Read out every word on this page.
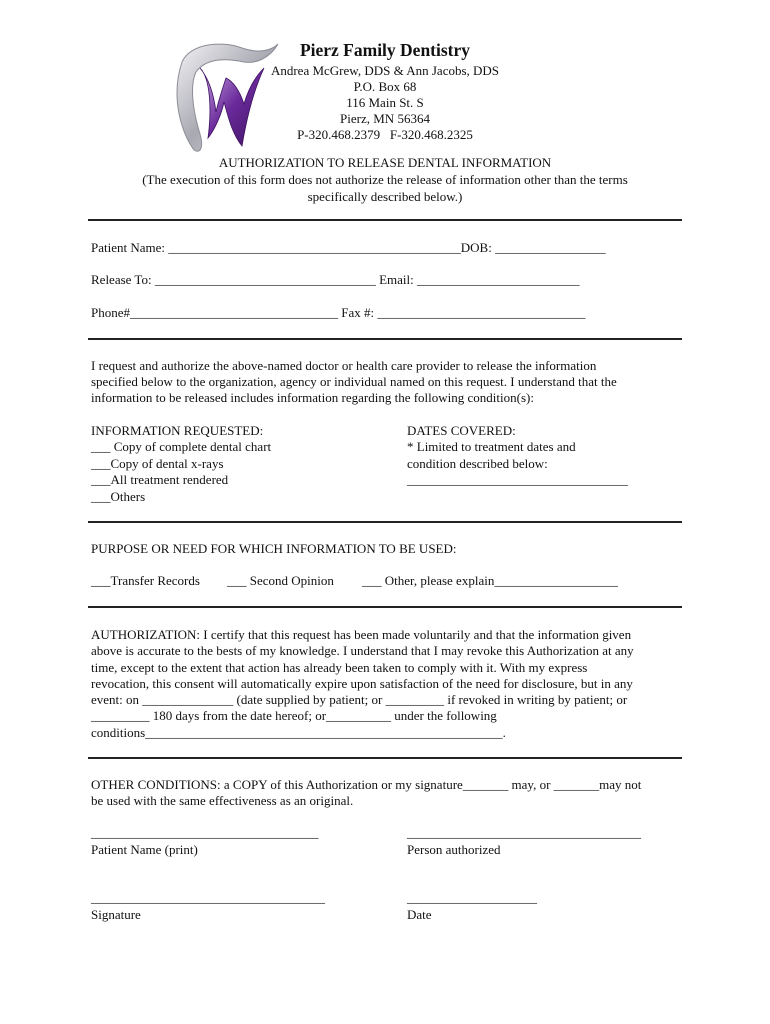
Pierz Family Dentistry
Andrea McGrew, DDS & Ann Jacobs, DDS
P.O. Box 68
116 Main St. S
Pierz, MN 56364
P-320.468.2379   F-320.468.2325
AUTHORIZATION TO RELEASE DENTAL INFORMATION
(The execution of this form does not authorize the release of information other than the terms
specifically described below.)
Patient Name: _____________________________________________DOB: _________________
Release To: __________________________________ Email: _________________________
Phone#________________________________ Fax #: ________________________________
I request and authorize the above-named doctor or health care provider to release the information
specified below to the organization, agency or individual named on this request. I understand that the
information to be released includes information regarding the following condition(s):
INFORMATION REQUESTED:
___ Copy of complete dental chart
___Copy of dental x-rays
___All treatment rendered
___Others
DATES COVERED:
* Limited to treatment dates and
condition described below:
__________________________________
PURPOSE OR NEED FOR WHICH INFORMATION TO BE USED:
___Transfer Records ___ Second Opinion ___ Other, please explain___________________
AUTHORIZATION: I certify that this request has been made voluntarily and that the information given
above is accurate to the bests of my knowledge. I understand that I may revoke this Authorization at any
time, except to the extent that action has already been taken to comply with it. With my express
revocation, this consent will automatically expire upon satisfaction of the need for disclosure, but in any
event: on ______________ (date supplied by patient; or _________ if revoked in writing by patient; or
_________ 180 days from the date hereof; or__________ under the following
conditions_______________________________________________________.
OTHER CONDITIONS: a COPY of this Authorization or my signature_______ may, or _______may not
be used with the same effectiveness as an original.
___________________________________
Patient Name (print)
____________________________________
Person authorized
____________________________________
Signature
____________________
Date
